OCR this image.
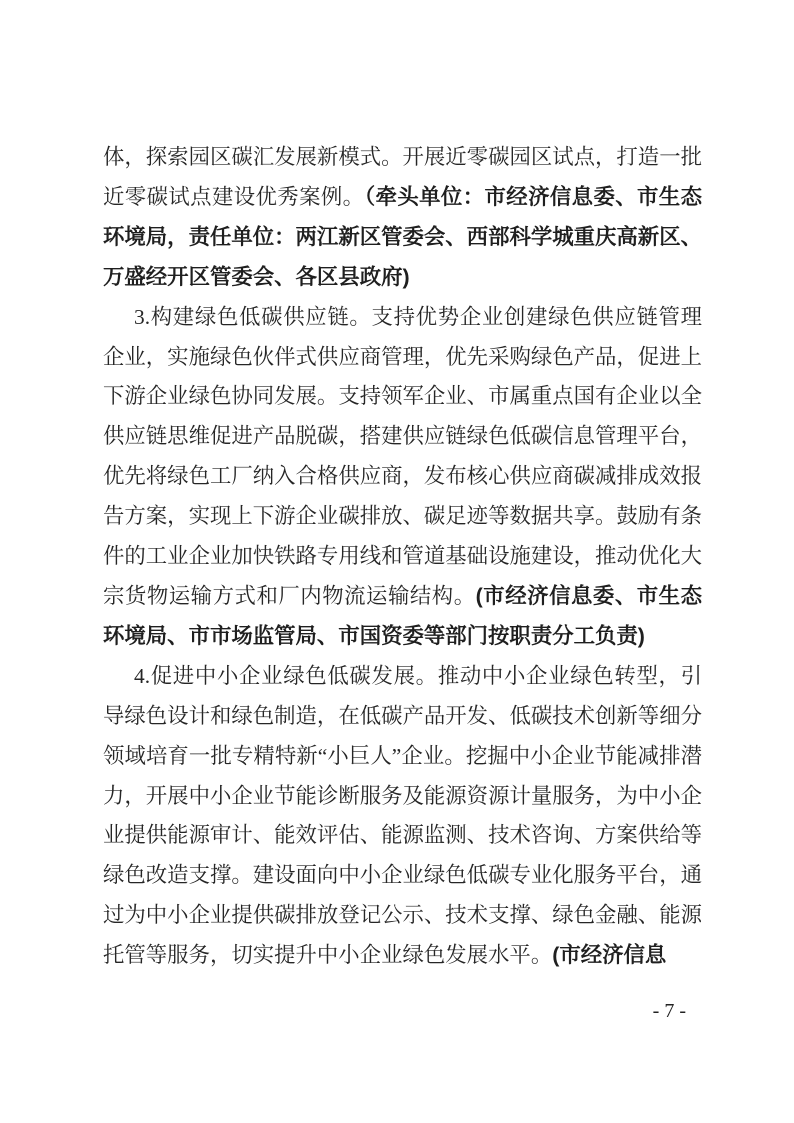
体，探索园区碳汇发展新模式。开展近零碳园区试点，打造一批近零碳试点建设优秀案例。（牵头单位：市经济信息委、市生态环境局，责任单位：两江新区管委会、西部科学城重庆高新区、万盛经开区管委会、各区县政府)

3.构建绿色低碳供应链。支持优势企业创建绿色供应链管理企业，实施绿色伙伴式供应商管理，优先采购绿色产品，促进上下游企业绿色协同发展。支持领军企业、市属重点国有企业以全供应链思维促进产品脱碳，搭建供应链绿色低碳信息管理平台，优先将绿色工厂纳入合格供应商，发布核心供应商碳减排成效报告方案，实现上下游企业碳排放、碳足迹等数据共享。鼓励有条件的工业企业加快铁路专用线和管道基础设施建设，推动优化大宗货物运输方式和厂内物流运输结构。(市经济信息委、市生态环境局、市市场监管局、市国资委等部门按职责分工负责)

4.促进中小企业绿色低碳发展。推动中小企业绿色转型，引导绿色设计和绿色制造，在低碳产品开发、低碳技术创新等细分领域培育一批专精特新“小巨人”企业。挖掘中小企业节能减排潜力，开展中小企业节能诊断服务及能源资源计量服务，为中小企业提供能源审计、能效评估、能源监测、技术咨询、方案供给等绿色改造支撑。建设面向中小企业绿色低碳专业化服务平台，通过为中小企业提供碳排放登记公示、技术支撑、绿色金融、能源托管等服务，切实提升中小企业绿色发展水平。(市经济信息

- 7 -
